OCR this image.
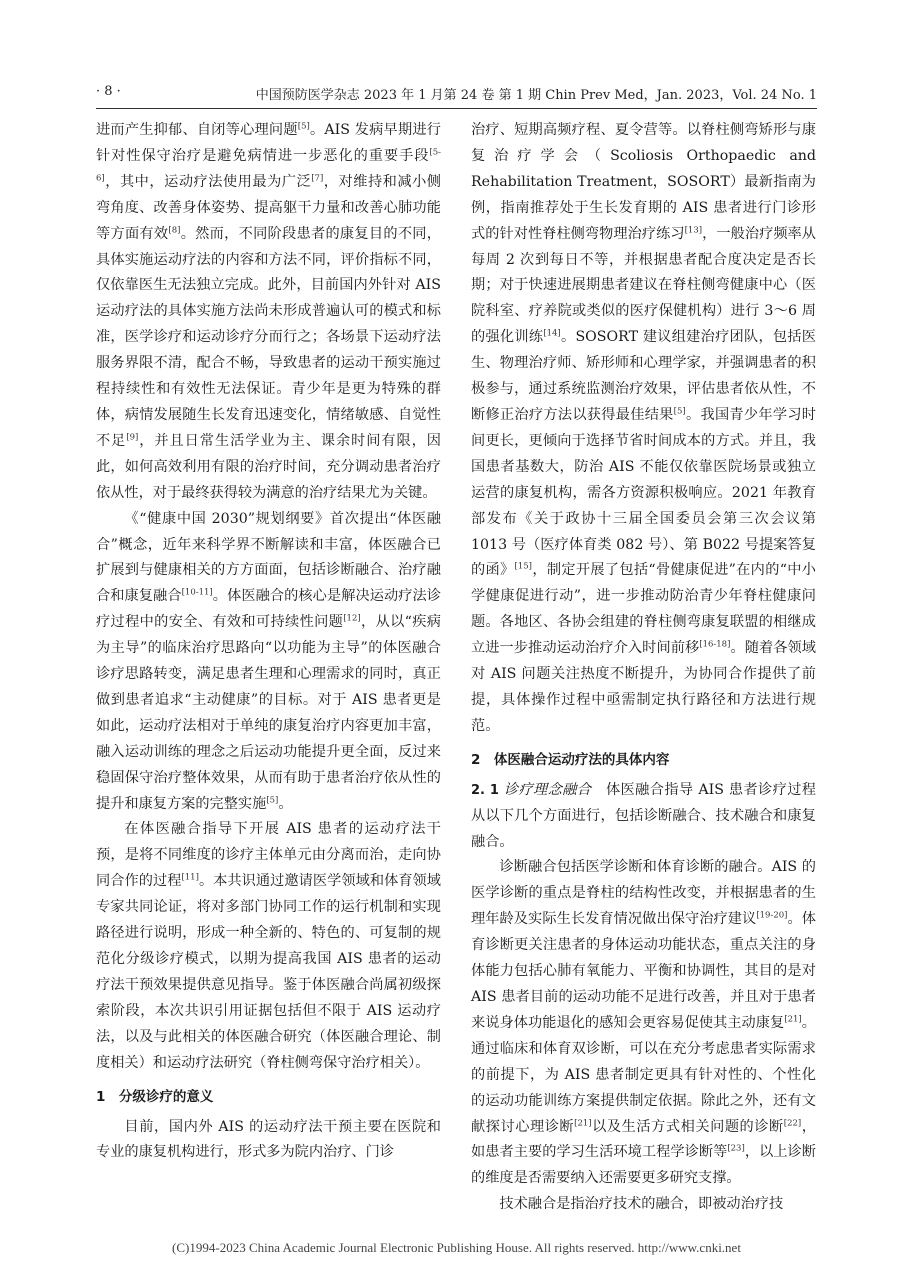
· 8 ·	中国预防医学杂志 2023 年 1 月第 24 卷 第 1 期 Chin Prev Med，Jan. 2023，Vol. 24 No. 1

进而产生抑郁、自闭等心理问题[5]。AIS 发病早期进行针对性保守治疗是避免病情进一步恶化的重要手段[5-6]，其中，运动疗法使用最为广泛[7]，对维持和减小侧弯角度、改善身体姿势、提高躯干力量和改善心肺功能等方面有效[8]。然而，不同阶段患者的康复目的不同，具体实施运动疗法的内容和方法不同，评价指标不同，仅依靠医生无法独立完成。此外，目前国内外针对 AIS 运动疗法的具体实施方法尚未形成普遍认可的模式和标准，医学诊疗和运动诊疗分而行之；各场景下运动疗法服务界限不清，配合不畅，导致患者的运动干预实施过程持续性和有效性无法保证。青少年是更为特殊的群体，病情发展随生长发育迅速变化，情绪敏感、自觉性不足[9]，并且日常生活学业为主、课余时间有限，因此，如何高效利用有限的治疗时间，充分调动患者治疗依从性，对于最终获得较为满意的治疗结果尤为关键。

《“健康中国 2030”规划纲要》首次提出“体医融合”概念，近年来科学界不断解读和丰富，体医融合已扩展到与健康相关的方方面面，包括诊断融合、治疗融合和康复融合[10-11]。体医融合的核心是解决运动疗法诊疗过程中的安全、有效和可持续性问题[12]，从以“疾病为主导”的临床治疗思路向“以功能为主导”的体医融合诊疗思路转变，满足患者生理和心理需求的同时，真正做到患者追求“主动健康”的目标。对于 AIS 患者更是如此，运动疗法相对于单纯的康复治疗内容更加丰富，融入运动训练的理念之后运动功能提升更全面，反过来稳固保守治疗整体效果，从而有助于患者治疗依从性的提升和康复方案的完整实施[5]。

在体医融合指导下开展 AIS 患者的运动疗法干预，是将不同维度的诊疗主体单元由分离而治，走向协同合作的过程[11]。本共识通过邀请医学领域和体育领域专家共同论证，将对多部门协同工作的运行机制和实现路径进行说明，形成一种全新的、特色的、可复制的规范化分级诊疗模式，以期为提高我国 AIS 患者的运动疗法干预效果提供意见指导。鉴于体医融合尚属初级探索阶段，本次共识引用证据包括但不限于 AIS 运动疗法，以及与此相关的体医融合研究（体医融合理论、制度相关）和运动疗法研究（脊柱侧弯保守治疗相关）。

1　分级诊疗的意义

目前，国内外 AIS 的运动疗法干预主要在医院和专业的康复机构进行，形式多为院内治疗、门诊

治疗、短期高频疗程、夏令营等。以脊柱侧弯矫形与康复治疗学会（Scoliosis Orthopaedic and Rehabilitation Treatment，SOSORT）最新指南为例，指南推荐处于生长发育期的 AIS 患者进行门诊形式的针对性脊柱侧弯物理治疗练习[13]，一般治疗频率从每周 2 次到每日不等，并根据患者配合度决定是否长期；对于快速进展期患者建议在脊柱侧弯健康中心（医院科室、疗养院或类似的医疗保健机构）进行 3～6 周的强化训练[14]。SOSORT 建议组建治疗团队，包括医生、物理治疗师、矫形师和心理学家，并强调患者的积极参与，通过系统监测治疗效果，评估患者依从性，不断修正治疗方法以获得最佳结果[5]。我国青少年学习时间更长，更倾向于选择节省时间成本的方式。并且，我国患者基数大，防治 AIS 不能仅依靠医院场景或独立运营的康复机构，需各方资源积极响应。2021 年教育部发布《关于政协十三届全国委员会第三次会议第 1013 号（医疗体育类 082 号）、第 B022 号提案答复的函》[15]，制定开展了包括“骨健康促进”在内的“中小学健康促进行动”，进一步推动防治青少年脊柱健康问题。各地区、各协会组建的脊柱侧弯康复联盟的相继成立进一步推动运动治疗介入时间前移[16-18]。随着各领域对 AIS 问题关注热度不断提升，为协同合作提供了前提，具体操作过程中亟需制定执行路径和方法进行规范。

2　体医融合运动疗法的具体内容

2. 1 诊疗理念融合　体医融合指导 AIS 患者诊疗过程从以下几个方面进行，包括诊断融合、技术融合和康复融合。

诊断融合包括医学诊断和体育诊断的融合。AIS 的医学诊断的重点是脊柱的结构性改变，并根据患者的生理年龄及实际生长发育情况做出保守治疗建议[19-20]。体育诊断更关注患者的身体运动功能状态，重点关注的身体能力包括心肺有氧能力、平衡和协调性，其目的是对 AIS 患者目前的运动功能不足进行改善，并且对于患者来说身体功能退化的感知会更容易促使其主动康复[21]。通过临床和体育双诊断，可以在充分考虑患者实际需求的前提下，为 AIS 患者制定更具有针对性的、个性化的运动功能训练方案提供制定依据。除此之外，还有文献探讨心理诊断[21]以及生活方式相关问题的诊断[22]，如患者主要的学习生活环境工程学诊断等[23]，以上诊断的维度是否需要纳入还需要更多研究支撑。

技术融合是指治疗技术的融合，即被动治疗技

(C)1994-2023 China Academic Journal Electronic Publishing House. All rights reserved. http://www.cnki.net
